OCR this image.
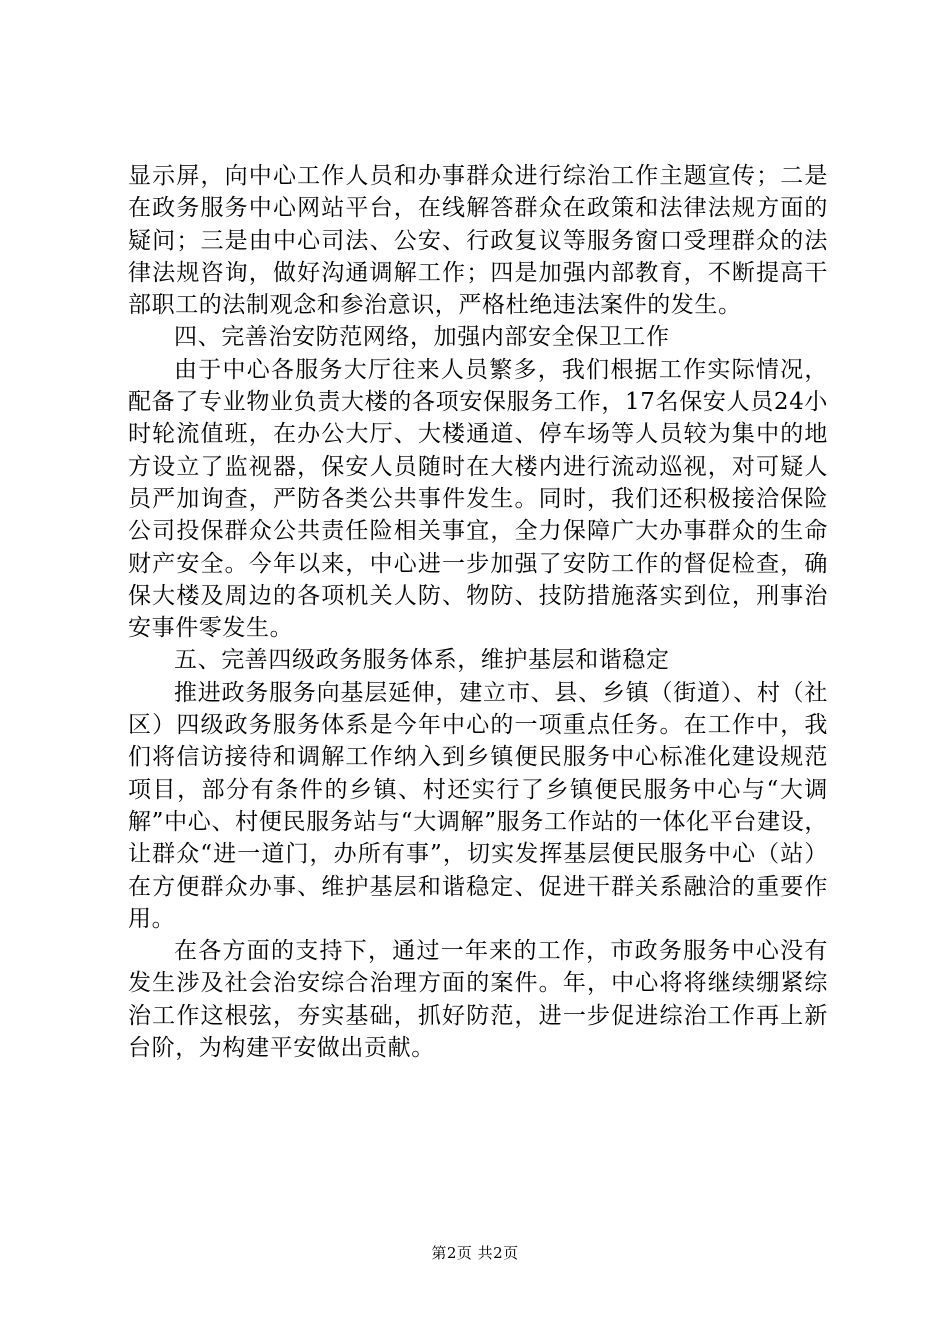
显示屏，向中心工作人员和办事群众进行综治工作主题宣传；二是在政务服务中心网站平台，在线解答群众在政策和法律法规方面的疑问；三是由中心司法、公安、行政复议等服务窗口受理群众的法律法规咨询，做好沟通调解工作；四是加强内部教育，不断提高干部职工的法制观念和参治意识，严格杜绝违法案件的发生。

四、完善治安防范网络，加强内部安全保卫工作

由于中心各服务大厅往来人员繁多，我们根据工作实际情况，配备了专业物业负责大楼的各项安保服务工作，17名保安人员24小时轮流值班，在办公大厅、大楼通道、停车场等人员较为集中的地方设立了监视器，保安人员随时在大楼内进行流动巡视，对可疑人员严加询查，严防各类公共事件发生。同时，我们还积极接洽保险公司投保群众公共责任险相关事宜，全力保障广大办事群众的生命财产安全。今年以来，中心进一步加强了安防工作的督促检查，确保大楼及周边的各项机关人防、物防、技防措施落实到位，刑事治安事件零发生。

五、完善四级政务服务体系，维护基层和谐稳定

推进政务服务向基层延伸，建立市、县、乡镇（街道）、村（社区）四级政务服务体系是今年中心的一项重点任务。在工作中，我们将信访接待和调解工作纳入到乡镇便民服务中心标准化建设规范项目，部分有条件的乡镇、村还实行了乡镇便民服务中心与“大调解”中心、村便民服务站与“大调解”服务工作站的一体化平台建设，让群众“进一道门，办所有事”，切实发挥基层便民服务中心（站）在方便群众办事、维护基层和谐稳定、促进干群关系融洽的重要作用。

在各方面的支持下，通过一年来的工作，市政务服务中心没有发生涉及社会治安综合治理方面的案件。年，中心将将继续绷紧综治工作这根弦，夯实基础，抓好防范，进一步促进综治工作再上新台阶，为构建平安做出贡献。

第2页 共2页
